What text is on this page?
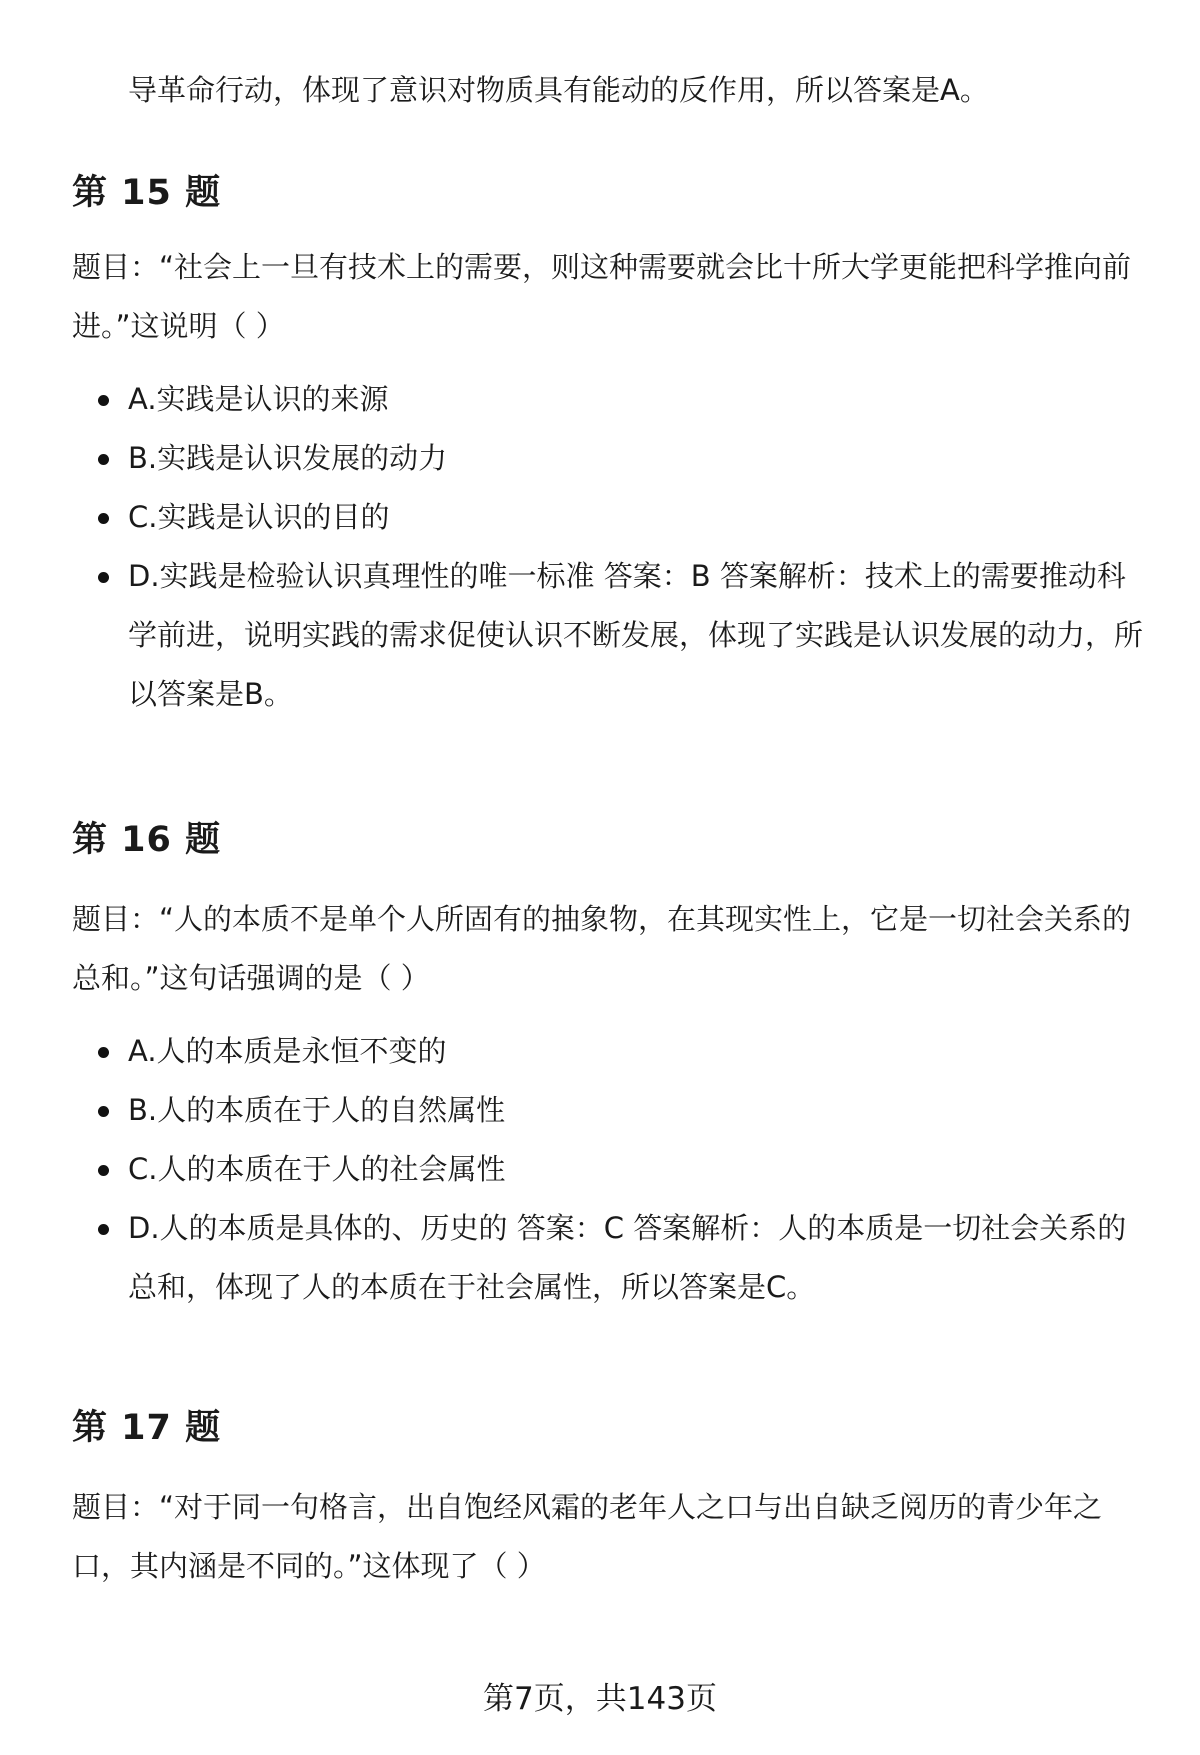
导革命行动，体现了意识对物质具有能动的反作用，所以答案是A。
第 15 题
题目：“社会上一旦有技术上的需要，则这种需要就会比十所大学更能把科学推向前进。”这说明（ ）
A.实践是认识的来源
B.实践是认识发展的动力
C.实践是认识的目的
D.实践是检验认识真理性的唯一标准 答案：B 答案解析：技术上的需要推动科学前进，说明实践的需求促使认识不断发展，体现了实践是认识发展的动力，所以答案是B。
第 16 题
题目：“人的本质不是单个人所固有的抽象物，在其现实性上，它是一切社会关系的总和。”这句话强调的是（ ）
A.人的本质是永恒不变的
B.人的本质在于人的自然属性
C.人的本质在于人的社会属性
D.人的本质是具体的、历史的 答案：C 答案解析：人的本质是一切社会关系的总和，体现了人的本质在于社会属性，所以答案是C。
第 17 题
题目：“对于同一句格言，出自饱经风霜的老年人之口与出自缺乏阅历的青少年之口，其内涵是不同的。”这体现了（ ）
第7页，共143页
